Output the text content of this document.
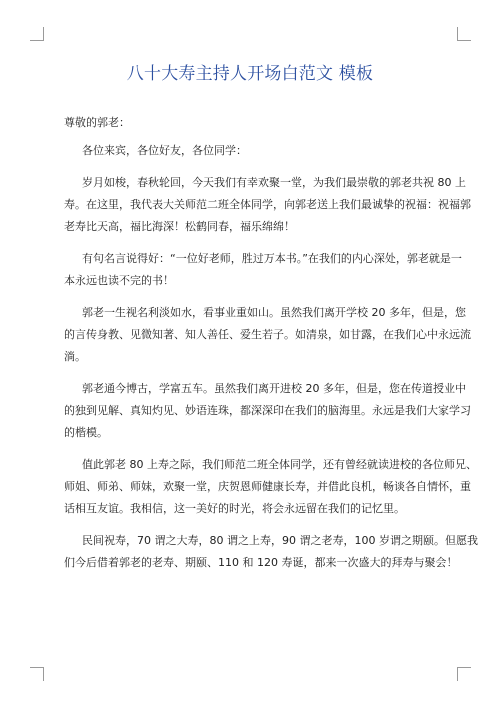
八十大寿主持人开场白范文 模板
尊敬的郭老：
各位来宾，各位好友，各位同学：
岁月如梭，春秋轮回，今天我们有幸欢聚一堂，为我们最崇敬的郭老共祝 80 上
寿。在这里，我代表大关师范二班全体同学，向郭老送上我们最诚挚的祝福：祝福郭
老寿比天高，福比海深！松鹤同春，福乐绵绵！
有句名言说得好：“一位好老师，胜过万本书。”在我们的内心深处，郭老就是一
本永远也读不完的书！
郭老一生视名利淡如水，看事业重如山。虽然我们离开学校 20 多年，但是，您
的言传身教、见微知著、知人善任、爱生若子。如清泉，如甘露，在我们心中永远流
淌。
郭老通今博古，学富五车。虽然我们离开进校 20 多年，但是，您在传道授业中
的独到见解、真知灼见、妙语连珠，都深深印在我们的脑海里。永远是我们大家学习
的楷模。
值此郭老 80 上寿之际，我们师范二班全体同学，还有曾经就读进校的各位师兄、
师姐、师弟、师妹，欢聚一堂，庆贺恩师健康长寿，并借此良机，畅谈各自情怀，重
话相互友谊。我相信，这一美好的时光，将会永远留在我们的记忆里。
民间祝寿，70 谓之大寿，80 谓之上寿，90 谓之老寿，100 岁谓之期颐。但愿我
们今后借着郭老的老寿、期颐、110 和 120 寿诞，都来一次盛大的拜寿与聚会！
